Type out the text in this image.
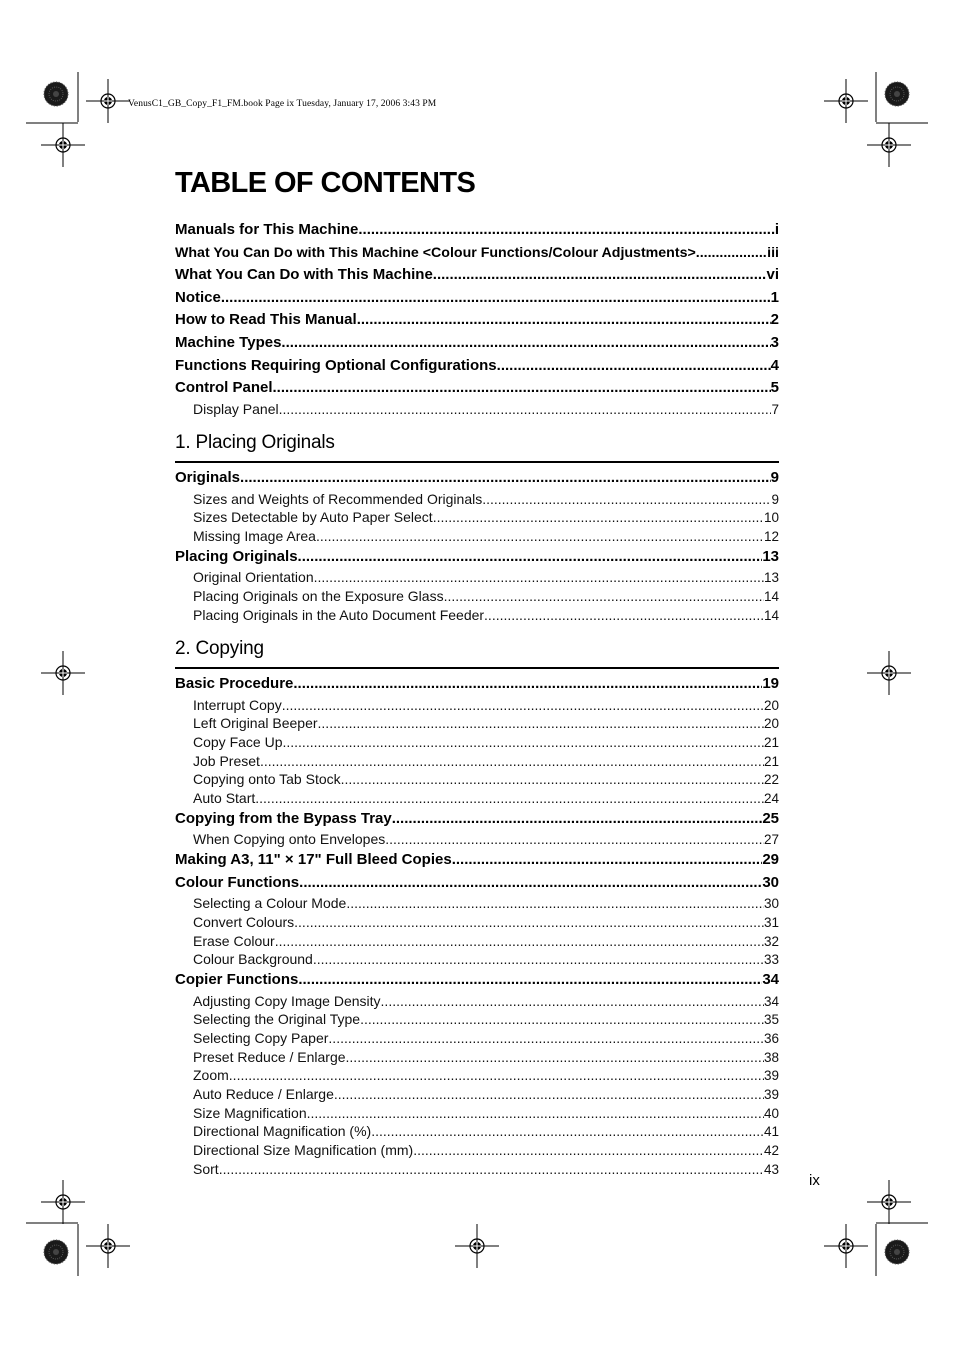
VenusC1_GB_Copy_F1_FM.book Page ix Tuesday, January 17, 2006 3:43 PM
TABLE OF CONTENTS
Manuals for This Machine .....	i
What You Can Do with This Machine <Colour Functions/Colour Adjustments> .....	iii
What You Can Do with This Machine .....	vi
Notice .....	1
How to Read This Manual .....	2
Machine Types .....	3
Functions Requiring Optional Configurations .....	4
Control Panel .....	5
Display Panel .....	7
1. Placing Originals
Originals .....	9
Sizes and Weights of Recommended Originals .....	9
Sizes Detectable by Auto Paper Select .....	10
Missing Image Area .....	12
Placing Originals .....	13
Original Orientation .....	13
Placing Originals on the Exposure Glass .....	14
Placing Originals in the Auto Document Feeder .....	14
2. Copying
Basic Procedure .....	19
Interrupt Copy .....	20
Left Original Beeper .....	20
Copy Face Up .....	21
Job Preset .....	21
Copying onto Tab Stock .....	22
Auto Start .....	24
Copying from the Bypass Tray .....	25
When Copying onto Envelopes .....	27
Making A3, 11" × 17" Full Bleed Copies .....	29
Colour Functions .....	30
Selecting a Colour Mode .....	30
Convert Colours .....	31
Erase Colour .....	32
Colour Background .....	33
Copier Functions .....	34
Adjusting Copy Image Density .....	34
Selecting the Original Type .....	35
Selecting Copy Paper .....	36
Preset Reduce / Enlarge .....	38
Zoom .....	39
Auto Reduce / Enlarge .....	39
Size Magnification .....	40
Directional Magnification (%) .....	41
Directional Size Magnification (mm) .....	42
Sort .....	43
ix
